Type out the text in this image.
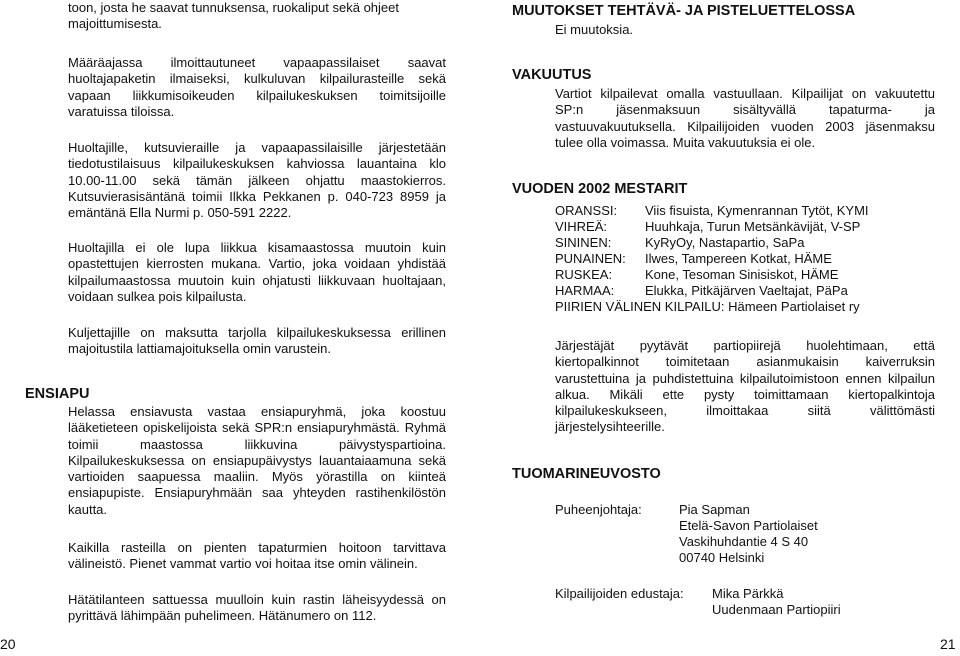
toon, josta he saavat tunnuksensa, ruokaliput sekä ohjeet
majoittumisesta.

Määräajassa ilmoittautuneet vapaapassilaiset saavat huoltajapaketin ilmaiseksi, kulkuluvan kilpailurasteille sekä vapaan liikkumisoikeuden kilpailukeskuksen toimitsijoille varatuissa tiloissa.

Huoltajille, kutsuvieraille ja vapaapassilaisille järjestetään tiedotustilaisuus kilpailukeskuksen kahviossa lauantaina klo 10.00-11.00 sekä tämän jälkeen ohjattu maastokierros. Kutsuvierasisäntänä toimii Ilkka Pekkanen p. 040-723 8959 ja emäntänä Ella Nurmi p. 050-591 2222.

Huoltajilla ei ole lupa liikkua kisamaastossa muutoin kuin opastettujen kierrosten mukana. Vartio, joka voidaan yhdistää kilpailumaastossa muutoin kuin ohjatusti liikkuvaan huoltajaan, voidaan sulkea pois kilpailusta.

Kuljettajille on maksutta tarjolla kilpailukeskuksessa erillinen majoitustila lattiamajoituksella omin varustein.

ENSIAPU

Helassa ensiavusta vastaa ensiapuryhmä, joka koostuu lääketieteen opiskelijoista sekä SPR:n ensiapuryhmästä. Ryhmä toimii maastossa liikkuvina päivystyspartioina. Kilpailukeskuksessa on ensiapupäivystys lauantaiaamuna sekä vartioiden saapuessa maaliin. Myös yörastilla on kiinteä ensiapupiste. Ensiapuryhmään saa yhteyden rastihenkilöstön kautta.

Kaikilla rasteilla on pienten tapaturmien hoitoon tarvittava välineistö. Pienet vammat vartio voi hoitaa itse omin välinein.

Hätätilanteen sattuessa muulloin kuin rastin läheisyydessä on pyrittävä lähimpään puhelimeen. Hätänumero on 112.

20
MUUTOKSET TEHTÄVÄ- JA PISTELUETTELOSSA

Ei muutoksia.

VAKUUTUS

Vartiot kilpailevat omalla vastuullaan. Kilpailijat on vakuutettu SP:n jäsenmaksuun sisältyvällä tapaturma- ja vastuuvakuutuksella. Kilpailijoiden vuoden 2003 jäsenmaksu tulee olla voimassa. Muita vakuutuksia ei ole.

VUODEN 2002 MESTARIT
ORANSSI: Viis fisuista, Kymenrannan Tytöt, KYMI
VIHREÄ:	Huuhkaja, Turun Metsänkävijät, V-SP
SININEN:	KyRyOy, Nastapartio, SaPa
PUNAINEN: Ilwes, Tampereen Kotkat, HÄME
RUSKEA:	Kone, Tesoman Sinisiskot, HÄME
HARMAA: Elukka, Pitkäjärven Vaeltajat, PäPa
PIIRIEN VÄLINEN KILPAILU: Hämeen Partiolaiset ry

Järjestäjät pyytävät partiopiirejä huolehtimaan, että kiertopalkinnot toimitetaan asianmukaisin kaiverruksin varustettuina ja puhdistettuina kilpailutoimistoon ennen kilpailun alkua. Mikäli ette pysty toimittamaan kiertopalkintoja kilpailukeskukseen, ilmoittakaa siitä välittömästi järjestelysihteerille.

TUOMARINEUVOSTO
Puheenjohtaja:	Pia Sapman
Etelä-Savon Partiolaiset
Vaskihuhdantie 4 S 40
00740 Helsinki
Kilpailijoiden edustaja: Mika Pärkkä
Uudenmaan Partiopiiri
21
